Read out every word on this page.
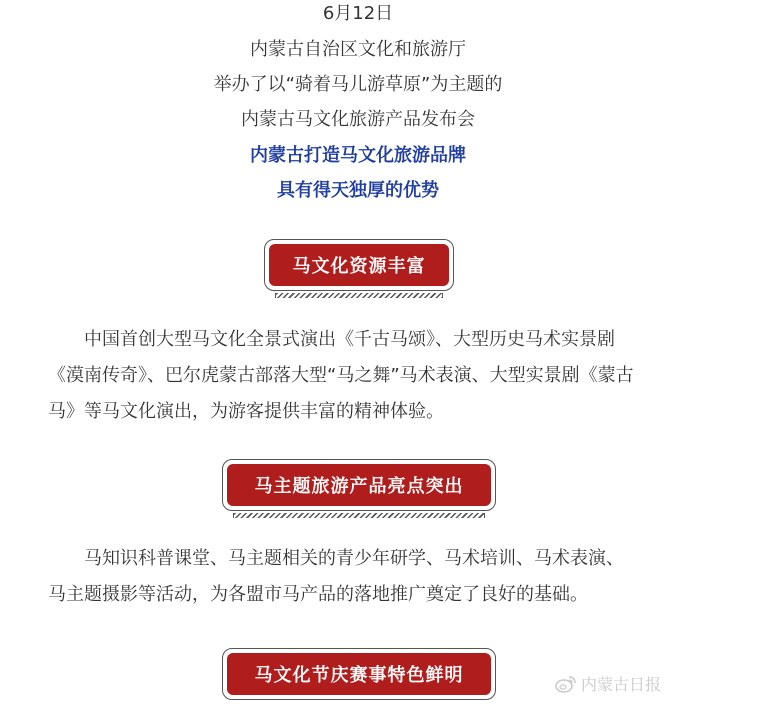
6月12日
内蒙古自治区文化和旅游厅
举办了以“骑着马儿游草原”为主题的
内蒙古马文化旅游产品发布会
内蒙古打造马文化旅游品牌
具有得天独厚的优势
马文化资源丰富
中国首创大型马文化全景式演出《千古马颂》、大型历史马术实景剧
《漠南传奇》、巴尔虎蒙古部落大型“马之舞”马术表演、大型实景剧《蒙古
马》等马文化演出，为游客提供丰富的精神体验。
马主题旅游产品亮点突出
马知识科普课堂、马主题相关的青少年研学、马术培训、马术表演、
马主题摄影等活动，为各盟市马产品的落地推广奠定了良好的基础。
马文化节庆赛事特色鲜明	内蒙古日报
